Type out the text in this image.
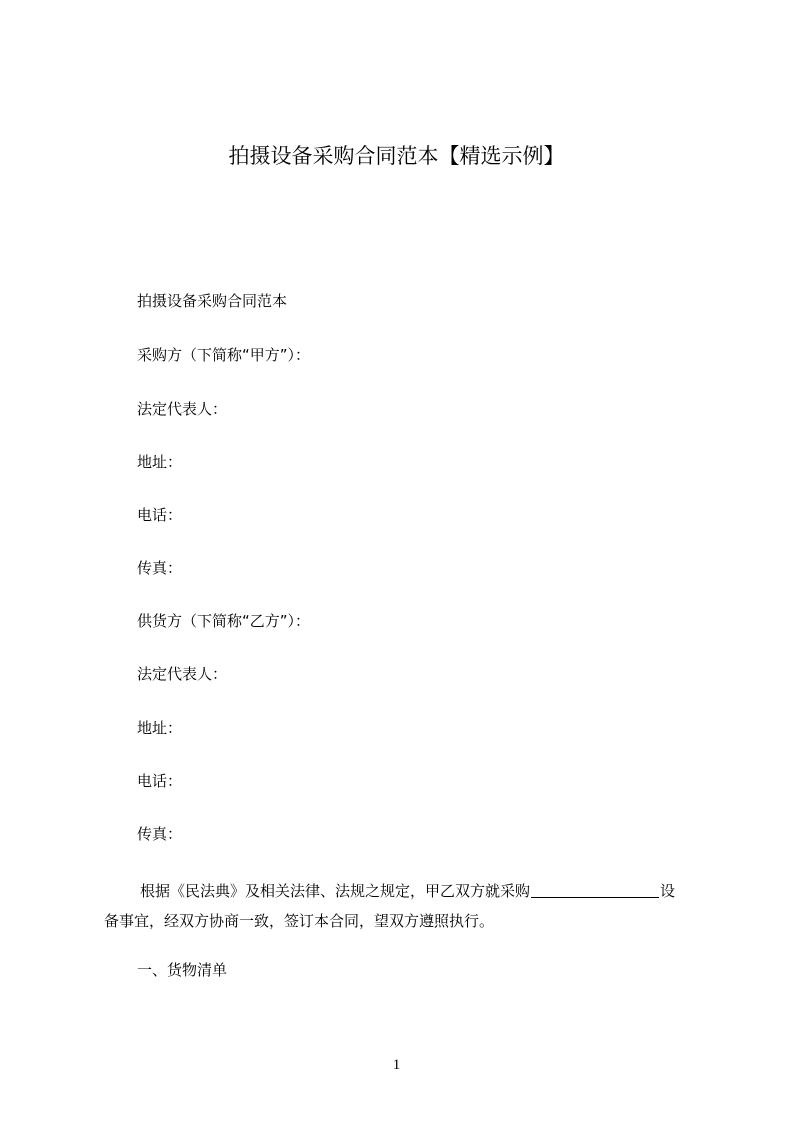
拍摄设备采购合同范本【精选示例】
拍摄设备采购合同范本
采购方（下简称“甲方”）：
法定代表人：
地址：
电话：
传真：
供货方（下简称“乙方”）：
法定代表人：
地址：
电话：
传真：
根据《民法典》及相关法律、法规之规定，甲乙双方就采购	设
备事宜，经双方协商一致，签订本合同，望双方遵照执行。
一、货物清单
1
